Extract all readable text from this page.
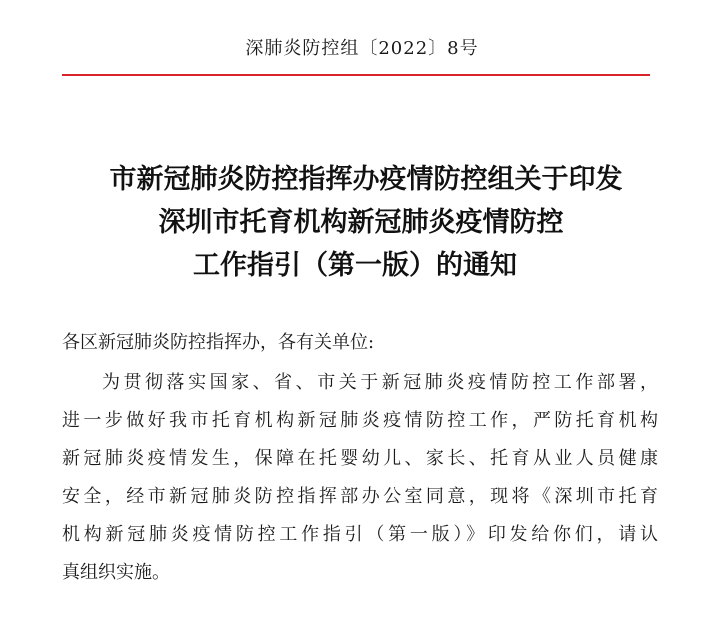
深肺炎防控组〔2022〕8号
市新冠肺炎防控指挥办疫情防控组关于印发
深圳市托育机构新冠肺炎疫情防控
工作指引（第一版）的通知
各区新冠肺炎防控指挥办，各有关单位:
为贯彻落实国家、省、市关于新冠肺炎疫情防控工作部署，
进一步做好我市托育机构新冠肺炎疫情防控工作，严防托育机构
新冠肺炎疫情发生，保障在托婴幼儿、家长、托育从业人员健康
安全，经市新冠肺炎防控指挥部办公室同意，现将《深圳市托育
机构新冠肺炎疫情防控工作指引（第一版）》印发给你们，请认
真组织实施。
